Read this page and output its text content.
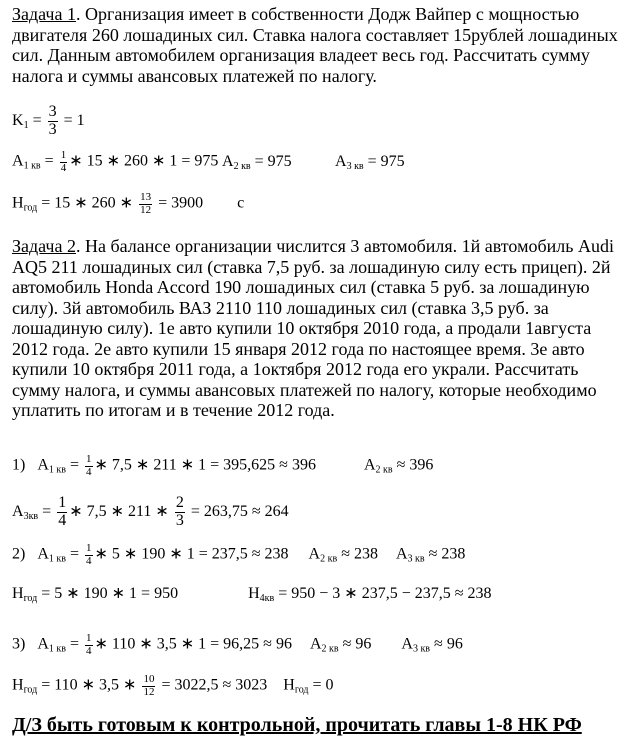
Задача 1. Организация имеет в собственности Додж Вайпер с мощностью двигателя 260 лошадиных сил. Ставка налога составляет 15рублей лошадиных сил. Данным автомобилем организация владеет весь год. Рассчитать сумму налога и суммы авансовых платежей по налогу.
$K_1 = \frac{3}{3} = 1$
$A_{1 кв} = \frac{1}{4}$ ∗ 15 ∗ 260 ∗ 1 = 975 $A_{2 кв} = 975$	$A_{3 кв} = 975$
$H_{год} = 15$ ∗ 260 ∗ $\frac{13}{12} = 3900$ с
Задача 2. На балансе организации числится 3 автомобиля. 1й автомобиль Audi AQ5 211 лошадиных сил (ставка 7,5 руб. за лошадиную силу есть прицеп). 2й автомобиль Honda Accord 190 лошадиных сил (ставка 5 руб. за лошадиную силу). 3й автомобиль ВАЗ 2110 110 лошадиных сил (ставка 3,5 руб. за лошадиную силу). 1е авто купили 10 октября 2010 года, а продали 1августа 2012 года. 2е авто купили 15 января 2012 года по настоящее время. 3е авто купили 10 октября 2011 года, а 1октября 2012 года его украли. Рассчитать сумму налога, и суммы авансовых платежей по налогу, которые необходимо уплатить по итогам и в течение 2012 года.
1) $A_{1 кв} = \frac{1}{4}$ ∗ 7,5 ∗ 211 ∗ 1 = 395,625 ≈ 396	$A_{2 кв} \approx 396$
$A_{3кв} = \frac{1}{4}$ ∗ 7,5 ∗ 211 ∗ $\frac{2}{3} = 263,75 \approx 264$
2) $A_{1 кв} = \frac{1}{4}$ ∗ 5 ∗ 190 ∗ 1 = 237,5 ≈ 238 $A_{2 кв} \approx 238$ $A_{3 кв} \approx 238$
$H_{год} = 5$ ∗ 190 ∗ 1 = 950	$H_{4кв} = 950 - 3$ ∗ 237,5 − 237,5 ≈ 238
3) $A_{1 кв} = \frac{1}{4}$ ∗ 110 ∗ 3,5 ∗ 1 = 96,25 ≈ 96 $A_{2 кв} \approx 96$ $A_{3 кв} \approx 96$
$H_{год} = 110$ ∗ 3,5 ∗ $\frac{10}{12} = 3022,5 \approx 3023$ $H_{год} = 0$
Д/З быть готовым к контрольной, прочитать главы 1-8 НК РФ
